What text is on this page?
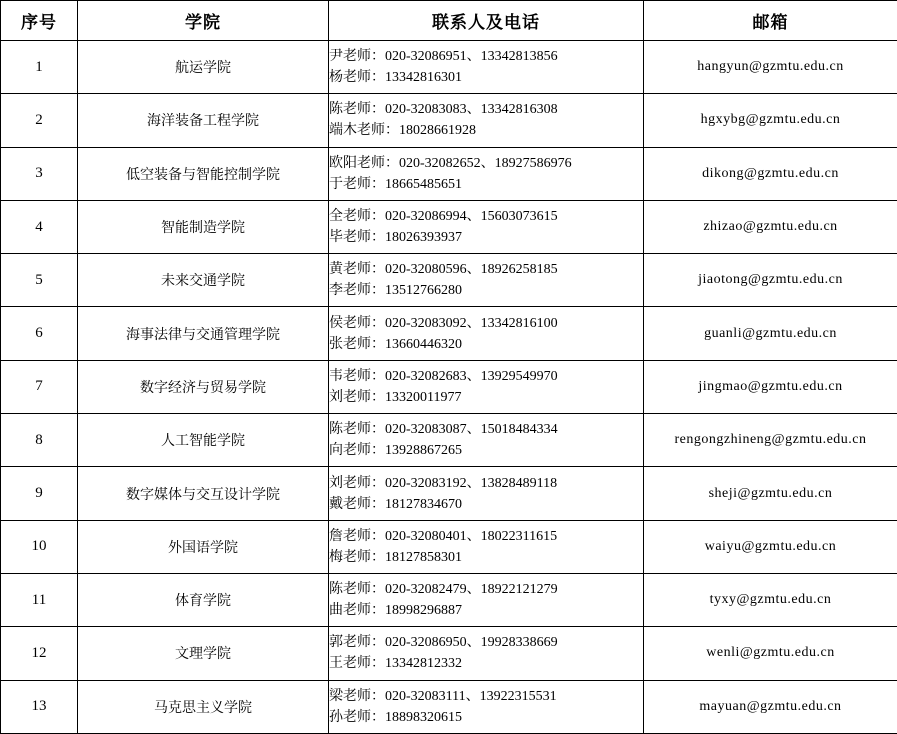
序号	学院	联系人及电话	邮箱
1	航运学院	尹老师：020-32086951、13342813856
杨老师：13342816301	hangyun@gzmtu.edu.cn
2	海洋装备工程学院	陈老师：020-32083083、13342816308
端木老师：18028661928	hgxybg@gzmtu.edu.cn
3	低空装备与智能控制学院	欧阳老师：020-32082652、18927586976
于老师：18665485651	dikong@gzmtu.edu.cn
4	智能制造学院	全老师：020-32086994、15603073615
毕老师：18026393937	zhizao@gzmtu.edu.cn
5	未来交通学院	黄老师：020-32080596、18926258185
李老师：13512766280	jiaotong@gzmtu.edu.cn
6	海事法律与交通管理学院	侯老师：020-32083092、13342816100
张老师：13660446320	guanli@gzmtu.edu.cn
7	数字经济与贸易学院	韦老师：020-32082683、13929549970
刘老师：13320011977	jingmao@gzmtu.edu.cn
8	人工智能学院	陈老师：020-32083087、15018484334
向老师：13928867265	rengongzhineng@gzmtu.edu.cn
9	数字媒体与交互设计学院	刘老师：020-32083192、13828489118
戴老师：18127834670	sheji@gzmtu.edu.cn
10	外国语学院	詹老师：020-32080401、18022311615
梅老师：18127858301	waiyu@gzmtu.edu.cn
11	体育学院	陈老师：020-32082479、18922121279
曲老师：18998296887	tyxy@gzmtu.edu.cn
12	文理学院	郭老师：020-32086950、19928338669
王老师：13342812332	wenli@gzmtu.edu.cn
13	马克思主义学院	梁老师：020-32083111、13922315531
孙老师：18898320615	mayuan@gzmtu.edu.cn
